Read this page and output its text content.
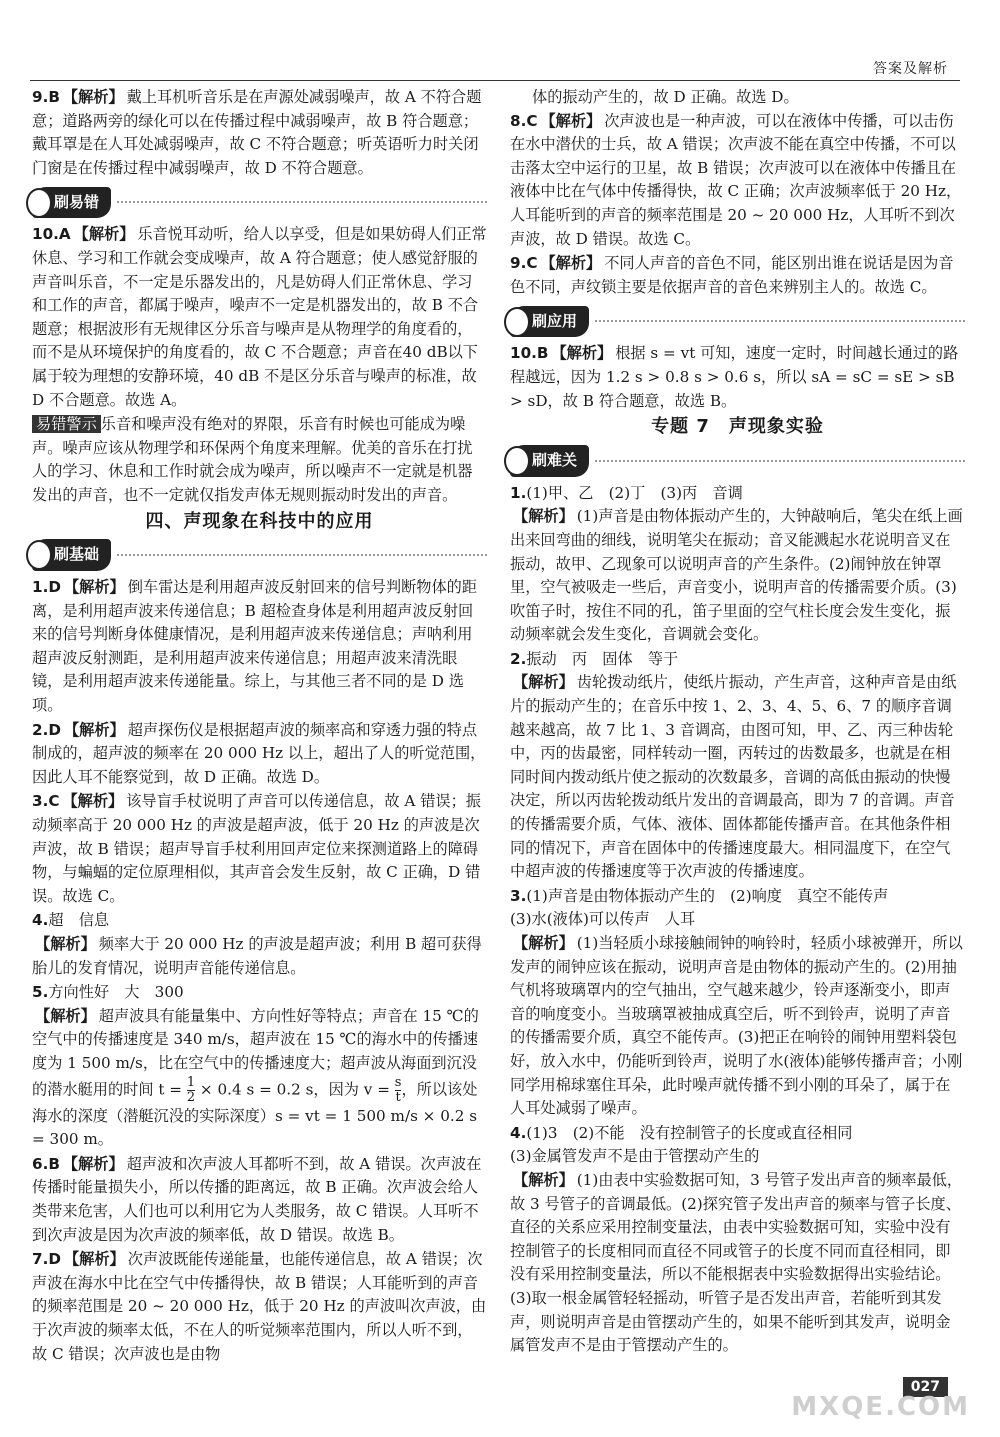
答案及解析

9.B 【解析】 戴上耳机听音乐是在声源处减弱噪声，故 A 不符合题意；道路两旁的绿化可以在传播过程中减弱噪声，故 B 符合题意；戴耳罩是在人耳处减弱噪声，故 C 不符合题意；听英语听力时关闭门窗是在传播过程中减弱噪声，故 D 不符合题意。

刷易错

10.A 【解析】 乐音悦耳动听，给人以享受，但是如果妨碍人们正常休息、学习和工作就会变成噪声，故 A 符合题意；使人感觉舒服的声音叫乐音，不一定是乐器发出的，凡是妨碍人们正常休息、学习和工作的声音，都属于噪声，噪声不一定是机器发出的，故 B 不合题意；根据波形有无规律区分乐音与噪声是从物理学的角度看的，而不是从环境保护的角度看的，故 C 不合题意；声音在40 dB以下属于较为理想的安静环境，40 dB 不是区分乐音与噪声的标准，故 D 不合题意。故选 A。

易错警示 乐音和噪声没有绝对的界限，乐音有时候也可能成为噪声。噪声应该从物理学和环保两个角度来理解。优美的音乐在打扰人的学习、休息和工作时就会成为噪声，所以噪声不一定就是机器发出的声音，也不一定就仅指发声体无规则振动时发出的声音。

四、声现象在科技中的应用
刷基础

1.D 【解析】 倒车雷达是利用超声波反射回来的信号判断物体的距离，是利用超声波来传递信息；B 超检查身体是利用超声波反射回来的信号判断身体健康情况，是利用超声波来传递信息；声呐利用超声波反射测距，是利用超声波来传递信息；用超声波来清洗眼镜，是利用超声波来传递能量。综上，与其他三者不同的是 D 选项。

2.D 【解析】 超声探伤仪是根据超声波的频率高和穿透力强的特点制成的，超声波的频率在 20 000 Hz 以上，超出了人的听觉范围，因此人耳不能察觉到，故 D 正确。故选 D。

3.C 【解析】 该导盲手杖说明了声音可以传递信息，故 A 错误；振动频率高于 20 000 Hz 的声波是超声波，低于 20 Hz 的声波是次声波，故 B 错误；超声导盲手杖利用回声定位来探测道路上的障碍物，与蝙蝠的定位原理相似，其声音会发生反射，故 C 正确，D 错误。故选 C。

4.超　信息
【解析】 频率大于 20 000 Hz 的声波是超声波；利用 B 超可获得胎儿的发育情况，说明声音能传递信息。

5.方向性好　大　300
【解析】 超声波具有能量集中、方向性好等特点；声音在 15 ℃的空气中的传播速度是 340 m/s，超声波在 15 ℃的海水中的传播速度为 1 500 m/s，比在空气中的传播速度大；超声波从海面到沉没的潜水艇用的时间 $t = \frac{1}{2} \times 0.4$ s = 0.2 s，因为 $v = \frac{s}{t}$ ，所以该处海水的深度（潜艇沉没的实际深度）s = vt = 1 500 m/s × 0.2 s = 300 m。

6.B 【解析】 超声波和次声波人耳都听不到，故 A 错误。次声波在传播时能量损失小，所以传播的距离远，故 B 正确。次声波会给人类带来危害，人们也可以利用它为人类服务，故 C 错误。人耳听不到次声波是因为次声波的频率低，故 D 错误。故选 B。

7.D 【解析】 次声波既能传递能量，也能传递信息，故 A 错误；次声波在海水中比在空气中传播得快，故 B 错误；人耳能听到的声音的频率范围是 20 ~ 20 000 Hz，低于 20 Hz 的声波叫次声波，由于次声波的频率太低，不在人的听觉频率范围内，所以人听不到，故 C 错误；次声波也是由物

体的振动产生的，故 D 正确。故选 D。

8.C 【解析】 次声波也是一种声波，可以在液体中传播，可以击伤在水中潜伏的士兵，故 A 错误；次声波不能在真空中传播，不可以击落太空中运行的卫星，故 B 错误；次声波可以在液体中传播且在液体中比在气体中传播得快，故 C 正确；次声波频率低于 20 Hz，人耳能听到的声音的频率范围是 20 ~ 20 000 Hz，人耳听不到次声波，故 D 错误。故选 C。

9.C 【解析】 不同人声音的音色不同，能区别出谁在说话是因为音色不同，声纹锁主要是依据声音的音色来辨别主人的。故选 C。

刷应用

10.B 【解析】 根据 s = vt 可知，速度一定时，时间越长通过的路程越远，因为 1.2 s > 0.8 s > 0.6 s，所以 sA = sC = sE > sB > sD，故 B 符合题意，故选 B。

专题 7　声现象实验
刷难关

1.(1)甲、乙　(2)丁　(3)丙　音调
【解析】 (1)声音是由物体振动产生的，大钟敲响后，笔尖在纸上画出来回弯曲的细线，说明笔尖在振动；音叉能溅起水花说明音叉在振动，故甲、乙现象可以说明声音的产生条件。(2)闹钟放在钟罩里，空气被吸走一些后，声音变小，说明声音的传播需要介质。(3)吹笛子时，按住不同的孔，笛子里面的空气柱长度会发生变化，振动频率就会发生变化，音调就会变化。

2.振动　丙　固体　等于
【解析】 齿轮拨动纸片，使纸片振动，产生声音，这种声音是由纸片的振动产生的；在音乐中按 1、2、3、4、5、6、7 的顺序音调越来越高，故 7 比 1、3 音调高，由图可知，甲、乙、丙三种齿轮中，丙的齿最密，同样转动一圈，丙转过的齿数最多，也就是在相同时间内拨动纸片使之振动的次数最多，音调的高低由振动的快慢决定，所以丙齿轮拨动纸片发出的音调最高，即为 7 的音调。声音的传播需要介质，气体、液体、固体都能传播声音。在其他条件相同的情况下，声音在固体中的传播速度最大。相同温度下，在空气中超声波的传播速度等于次声波的传播速度。

3.(1)声音是由物体振动产生的　(2)响度　真空不能传声
(3)水(液体)可以传声　人耳
【解析】 (1)当轻质小球接触闹钟的响铃时，轻质小球被弹开，所以发声的闹钟应该在振动，说明声音是由物体的振动产生的。(2)用抽气机将玻璃罩内的空气抽出，空气越来越少，铃声逐渐变小，即声音的响度变小。当玻璃罩被抽成真空后，听不到铃声，说明了声音的传播需要介质，真空不能传声。(3)把正在响铃的闹钟用塑料袋包好，放入水中，仍能听到铃声，说明了水(液体)能够传播声音；小刚同学用棉球塞住耳朵，此时噪声就传播不到小刚的耳朵了，属于在人耳处减弱了噪声。

4.(1)3　(2)不能　没有控制管子的长度或直径相同
(3)金属管发声不是由于管摆动产生的
【解析】 (1)由表中实验数据可知，3 号管子发出声音的频率最低，故 3 号管子的音调最低。(2)探究管子发出声音的频率与管子长度、直径的关系应采用控制变量法，由表中实验数据可知，实验中没有控制管子的长度相同而直径不同或管子的长度不同而直径相同，即没有采用控制变量法，所以不能根据表中实验数据得出实验结论。(3)取一根金属管轻轻摇动，听管子是否发出声音，若能听到其发声，则说明声音是由管摆动产生的，如果不能听到其发声，说明金属管发声不是由于管摆动产生的。

027
MXQE.COM
